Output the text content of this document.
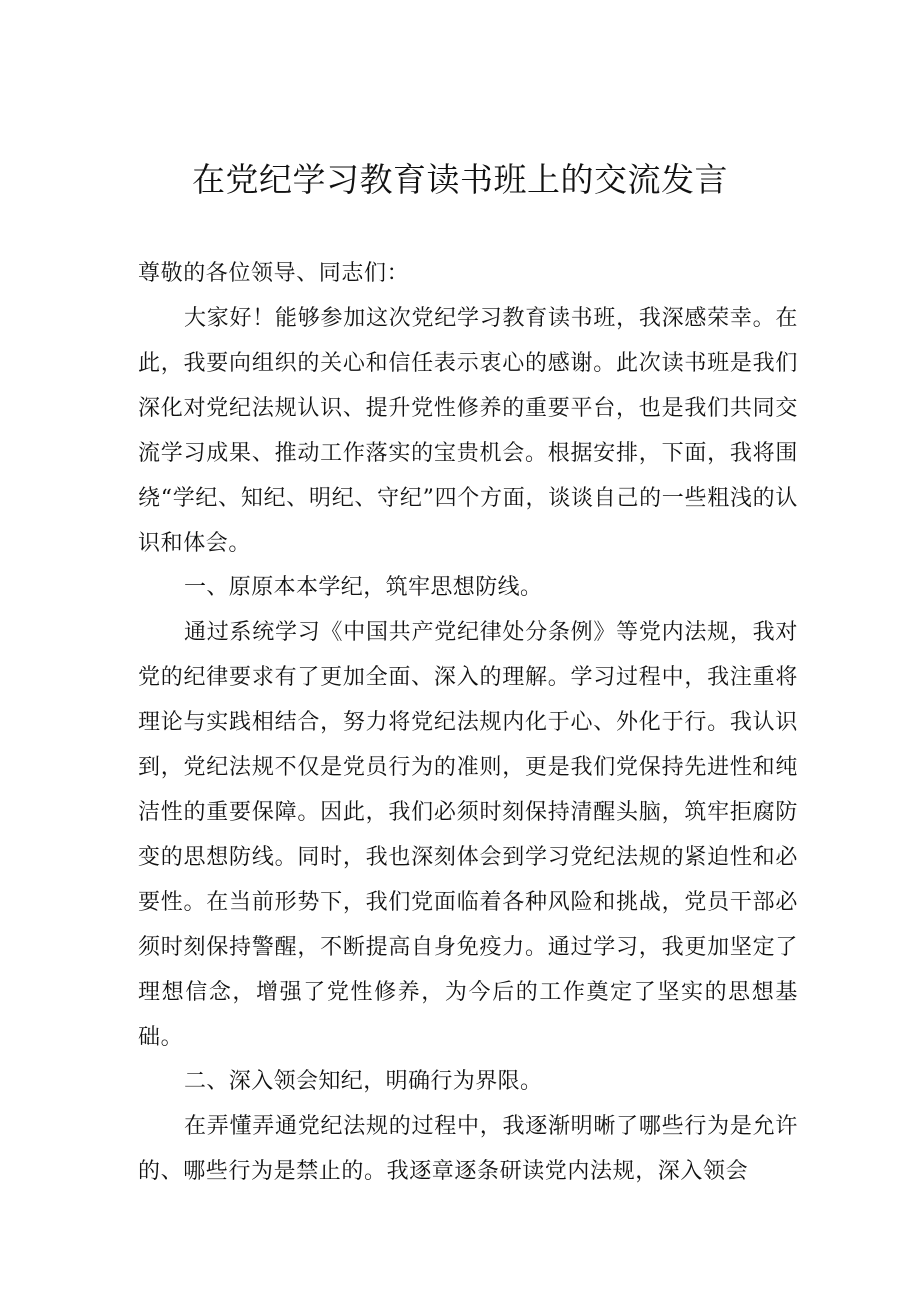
在党纪学习教育读书班上的交流发言

尊敬的各位领导、同志们：

大家好！能够参加这次党纪学习教育读书班，我深感荣幸。在此，我要向组织的关心和信任表示衷心的感谢。此次读书班是我们深化对党纪法规认识、提升党性修养的重要平台，也是我们共同交流学习成果、推动工作落实的宝贵机会。根据安排，下面，我将围绕“学纪、知纪、明纪、守纪”四个方面，谈谈自己的一些粗浅的认识和体会。

一、原原本本学纪，筑牢思想防线。

通过系统学习《中国共产党纪律处分条例》等党内法规，我对党的纪律要求有了更加全面、深入的理解。学习过程中，我注重将理论与实践相结合，努力将党纪法规内化于心、外化于行。我认识到，党纪法规不仅是党员行为的准则，更是我们党保持先进性和纯洁性的重要保障。因此，我们必须时刻保持清醒头脑，筑牢拒腐防变的思想防线。同时，我也深刻体会到学习党纪法规的紧迫性和必要性。在当前形势下，我们党面临着各种风险和挑战，党员干部必须时刻保持警醒，不断提高自身免疫力。通过学习，我更加坚定了理想信念，增强了党性修养，为今后的工作奠定了坚实的思想基础。

二、深入领会知纪，明确行为界限。

在弄懂弄通党纪法规的过程中，我逐渐明晰了哪些行为是允许的、哪些行为是禁止的。我逐章逐条研读党内法规，深入领会
